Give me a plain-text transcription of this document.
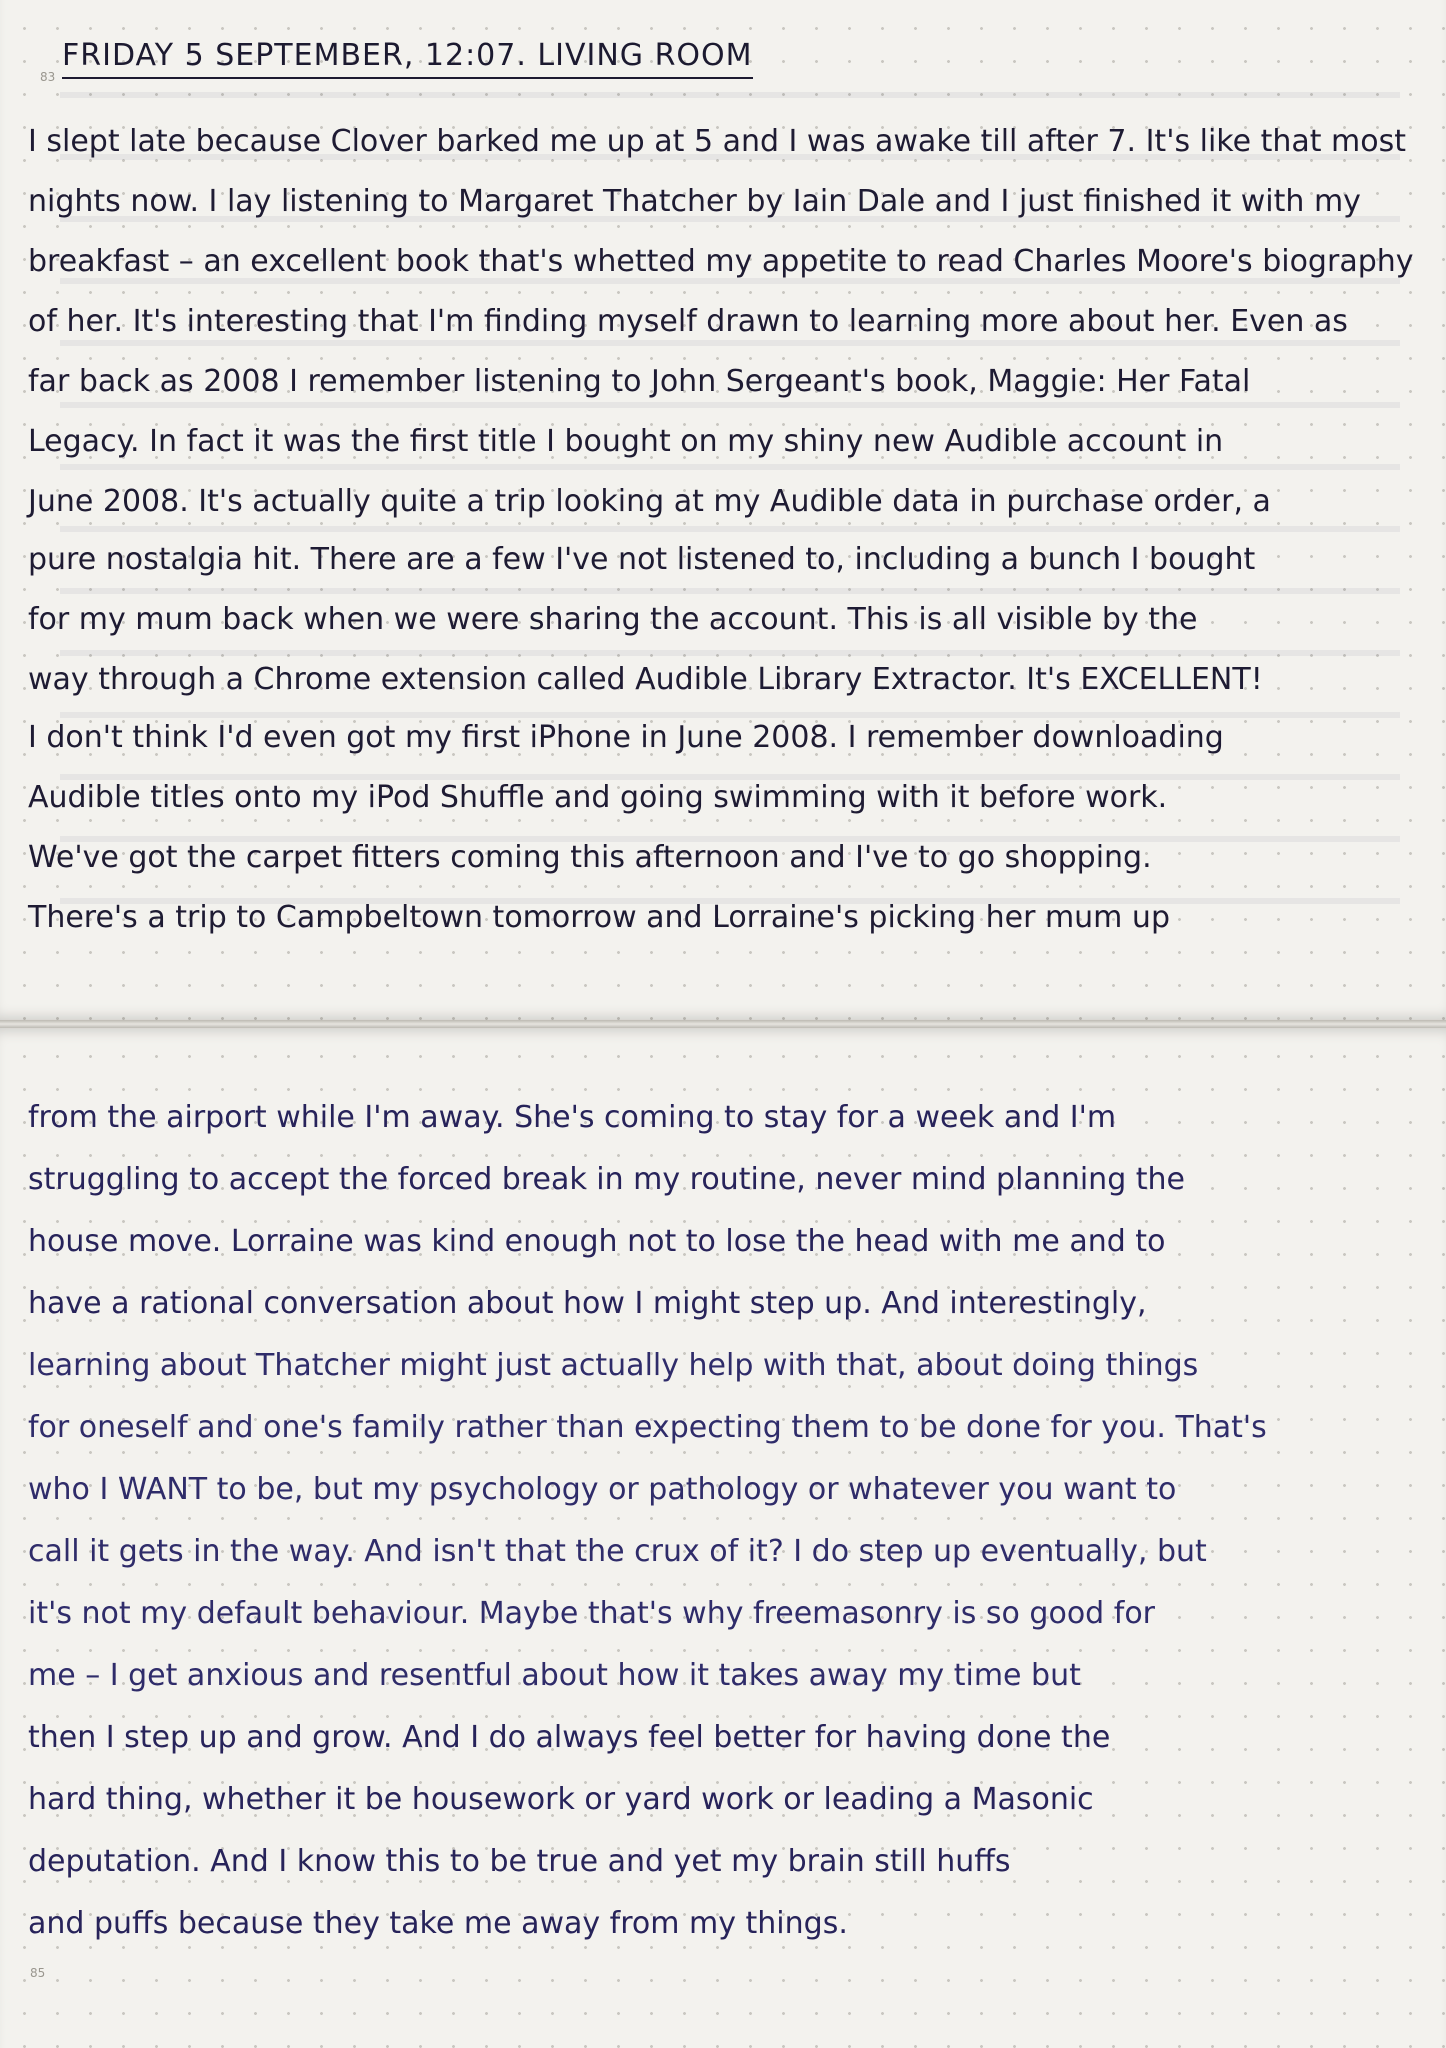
83
FRIDAY 5 SEPTEMBER, 12:07. LIVING ROOM
I slept late because Clover barked me up at 5 and I was awake till after 7. It's like that most
nights now. I lay listening to Margaret Thatcher by Iain Dale and I just finished it with my
breakfast – an excellent book that's whetted my appetite to read Charles Moore's biography
of her. It's interesting that I'm finding myself drawn to learning more about her. Even as
far back as 2008 I remember listening to John Sergeant's book, Maggie: Her Fatal
Legacy. In fact it was the first title I bought on my shiny new Audible account in
June 2008. It's actually quite a trip looking at my Audible data in purchase order, a
pure nostalgia hit. There are a few I've not listened to, including a bunch I bought
for my mum back when we were sharing the account. This is all visible by the
way through a Chrome extension called Audible Library Extractor. It's EXCELLENT!
I don't think I'd even got my first iPhone in June 2008. I remember downloading
Audible titles onto my iPod Shuffle and going swimming with it before work.
We've got the carpet fitters coming this afternoon and I've to go shopping.
There's a trip to Campbeltown tomorrow and Lorraine's picking her mum up
85
from the airport while I'm away. She's coming to stay for a week and I'm
struggling to accept the forced break in my routine, never mind planning the
house move. Lorraine was kind enough not to lose the head with me and to
have a rational conversation about how I might step up. And interestingly,
learning about Thatcher might just actually help with that, about doing things
for oneself and one's family rather than expecting them to be done for you. That's
who I WANT to be, but my psychology or pathology or whatever you want to
call it gets in the way. And isn't that the crux of it? I do step up eventually, but
it's not my default behaviour. Maybe that's why freemasonry is so good for
me – I get anxious and resentful about how it takes away my time but
then I step up and grow. And I do always feel better for having done the
hard thing, whether it be housework or yard work or leading a Masonic
deputation. And I know this to be true and yet my brain still huffs
and puffs because they take me away from my things.
